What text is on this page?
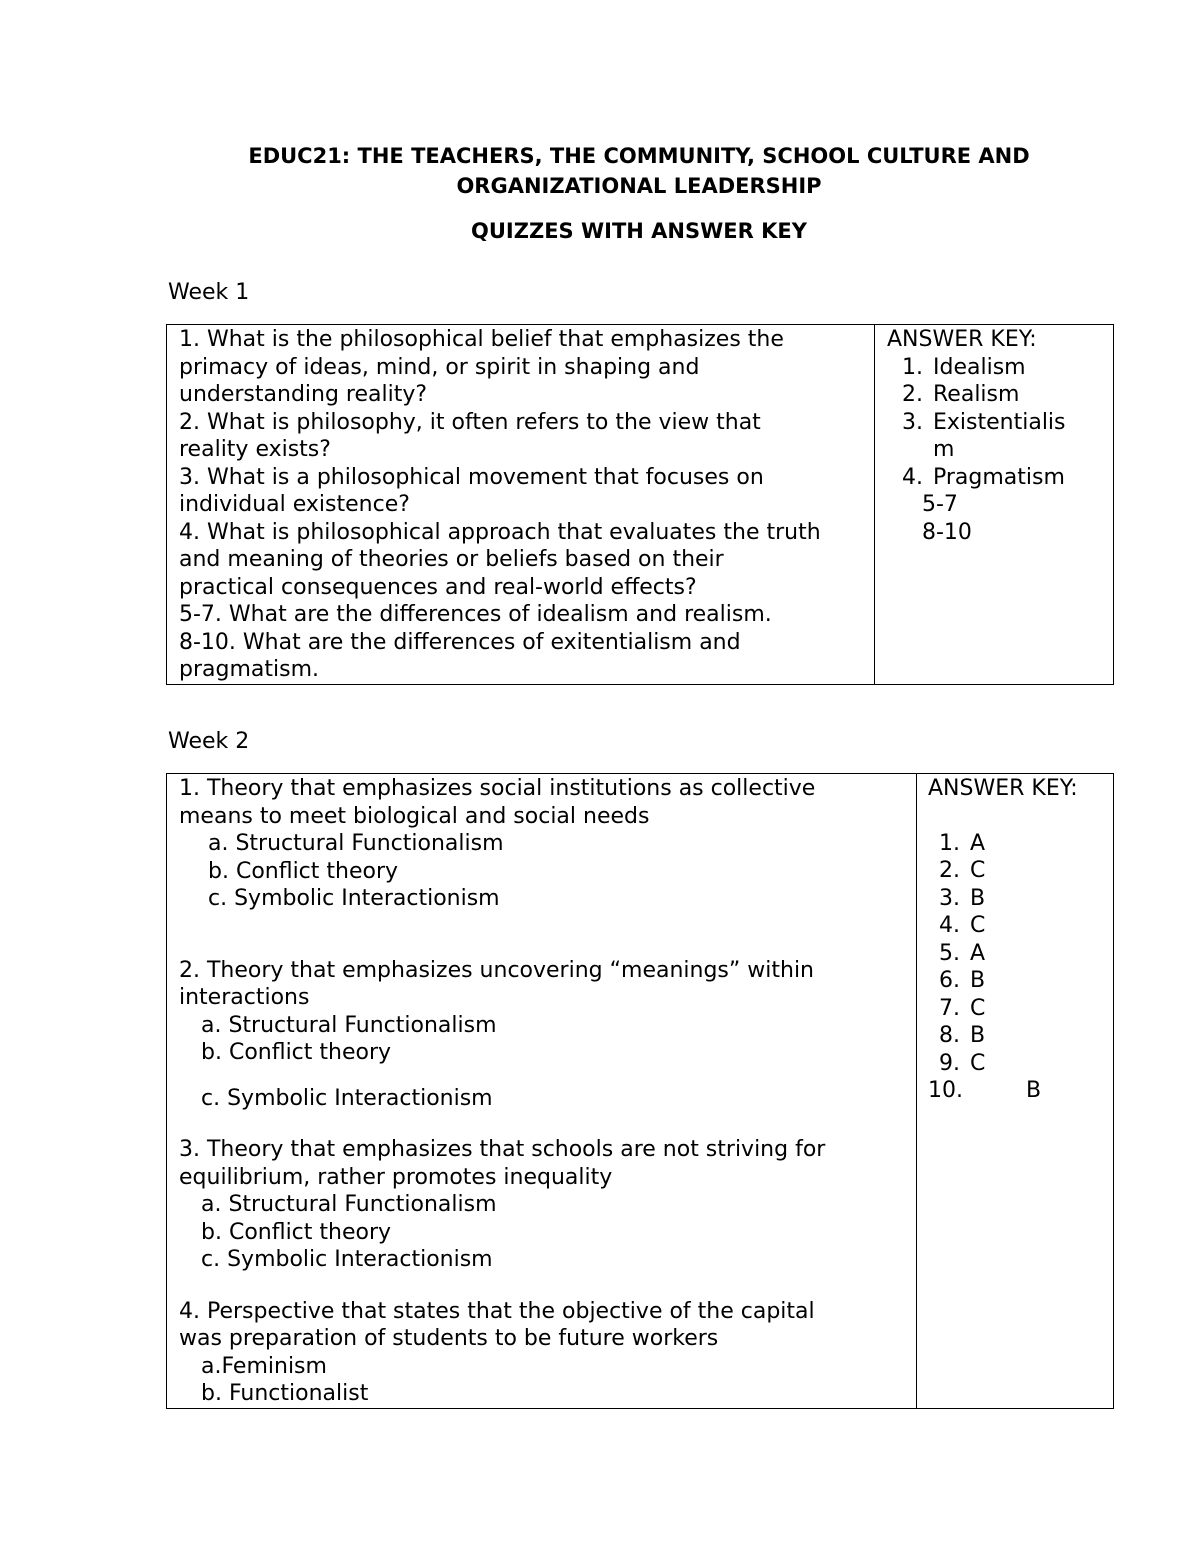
EDUC21: THE TEACHERS, THE COMMUNITY, SCHOOL CULTURE AND
ORGANIZATIONAL LEADERSHIP
QUIZZES WITH ANSWER KEY
Week 1
1. What is the philosophical belief that emphasizes the
primacy of ideas, mind, or spirit in shaping and
understanding reality?
2. What is philosophy, it often refers to the view that
reality exists?
3. What is a philosophical movement that focuses on
individual existence?
4. What is philosophical approach that evaluates the truth
and meaning of theories or beliefs based on their
practical consequences and real-world effects?
5-7. What are the differences of idealism and realism.
8-10. What are the differences of exitentialism and
pragmatism.

ANSWER KEY:
1. Idealism
2. Realism
3. Existentialis
m
4. Pragmatism
5-7
8-10
Week 2
1. Theory that emphasizes social institutions as collective
means to meet biological and social needs
a. Structural Functionalism
b. Conflict theory
c. Symbolic Interactionism
2. Theory that emphasizes uncovering “meanings” within
interactions
a. Structural Functionalism
b. Conflict theory
c. Symbolic Interactionism
3. Theory that emphasizes that schools are not striving for
equilibrium, rather promotes inequality
a. Structural Functionalism
b. Conflict theory
c. Symbolic Interactionism
4. Perspective that states that the objective of the capital
was preparation of students to be future workers
a.Feminism
b. Functionalist

ANSWER KEY:
1. A
2. C
3. B
4. C
5. A
6. B
7. C
8. B
9. C
10.	B
